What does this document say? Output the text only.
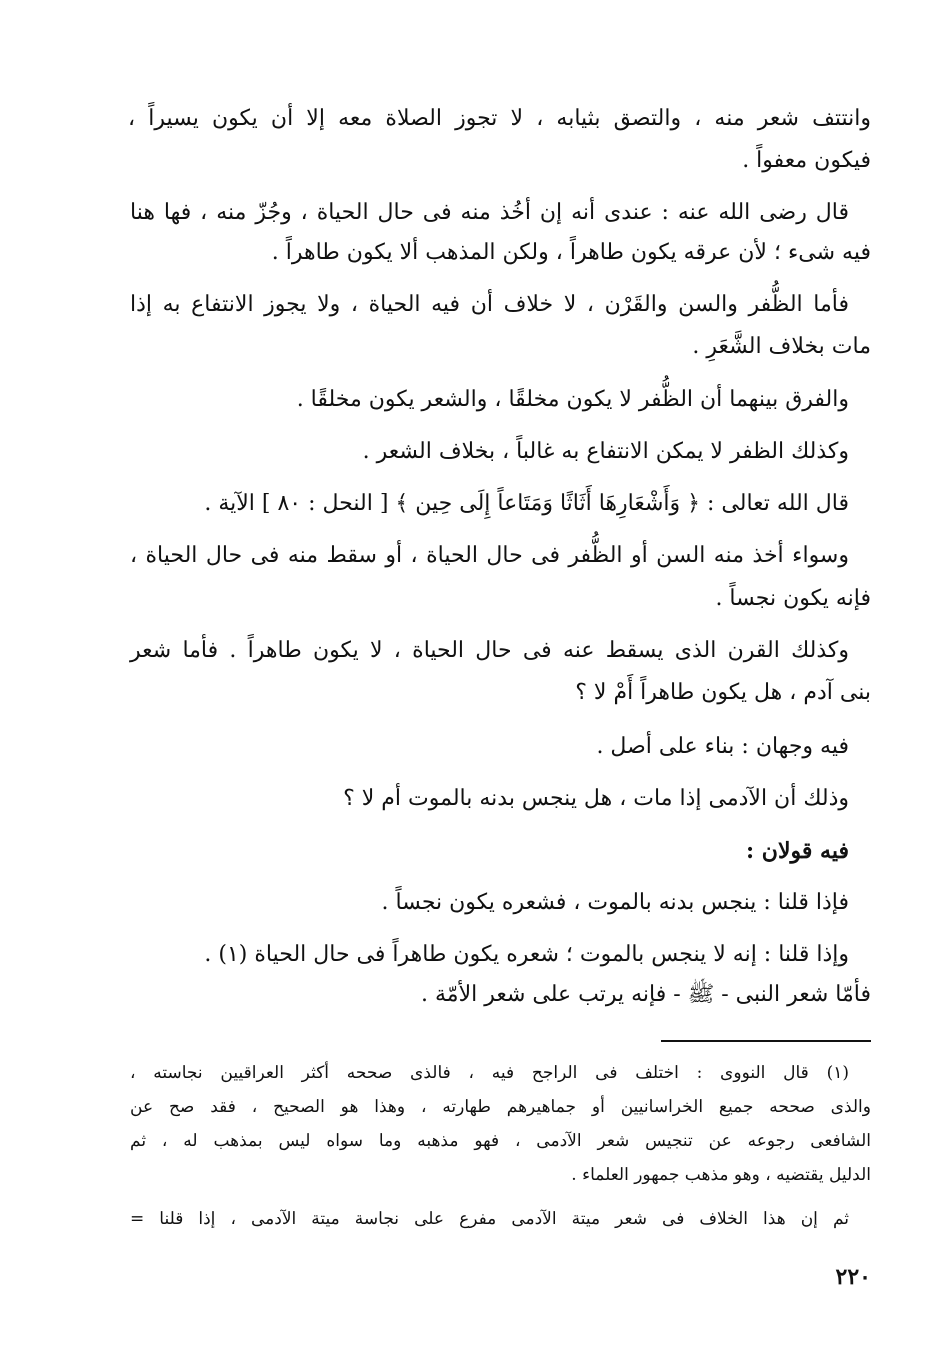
وانتتف شعر منه ، والتصق بثيابه ، لا تجوز الصلاة معه إلا أن يكون يسيراً ،
فيكون معفواً .
قال رضى الله عنه : عندى أنه إن أخُذ منه فى حال الحياة ، وجُزّ منه ، فها هنا
فيه شىء ؛ لأن عرقه يكون طاهراً ، ولكن المذهب ألا يكون طاهراً .
فأما الظُّفر والسن والقَرْن ، لا خلاف أن فيه الحياة ، ولا يجوز الانتفاع به إذا
مات بخلاف الشَّعَرِ .
والفرق بينهما أن الظُّفر لا يكون مخلقًا ، والشعر يكون مخلقًا .
وكذلك الظفر لا يمكن الانتفاع به غالباً ، بخلاف الشعر .
قال الله تعالى : ﴿ وَأَشْعَارِهَا أَثَاثًا وَمَتَاعاً إِلَى حِين ﴾ [ النحل : ٨٠ ] الآية .
وسواء أخذ منه السن أو الظُّفر فى حال الحياة ، أو سقط منه فى حال الحياة ،
فإنه يكون نجساً .
وكذلك القرن الذى يسقط عنه فى حال الحياة ، لا يكون طاهراً . فأما شعر
بنى آدم ، هل يكون طاهراً أَمْ لا ؟
فيه وجهان : بناء على أصل .
وذلك أن الآدمى إذا مات ، هل ينجس بدنه بالموت أم لا ؟
فيه قولان :
فإذا قلنا : ينجس بدنه بالموت ، فشعره يكون نجساً .
وإذا قلنا : إنه لا ينجس بالموت ؛ شعره يكون طاهراً فى حال الحياة (١) .
فأمّا شعر النبى - ﷺ - فإنه يرتب على شعر الأمّة .
(١) قال النووى : اختلف فى الراجح فيه ، فالذى صححه أكثر العراقيين نجاسته ،
والذى صححه جميع الخراسانيين أو جماهيرهم طهارته ، وهذا هو الصحيح ، فقد صح عن
الشافعى رجوعه عن تنجيس شعر الآدمى ، فهو مذهبه وما سواه ليس بمذهب له ، ثم
الدليل يقتضيه ، وهو مذهب جمهور العلماء .
ثم إن هذا الخلاف فى شعر ميتة الآدمى مفرع على نجاسة ميتة الآدمى ، إذا قلنا =
٢٢٠
